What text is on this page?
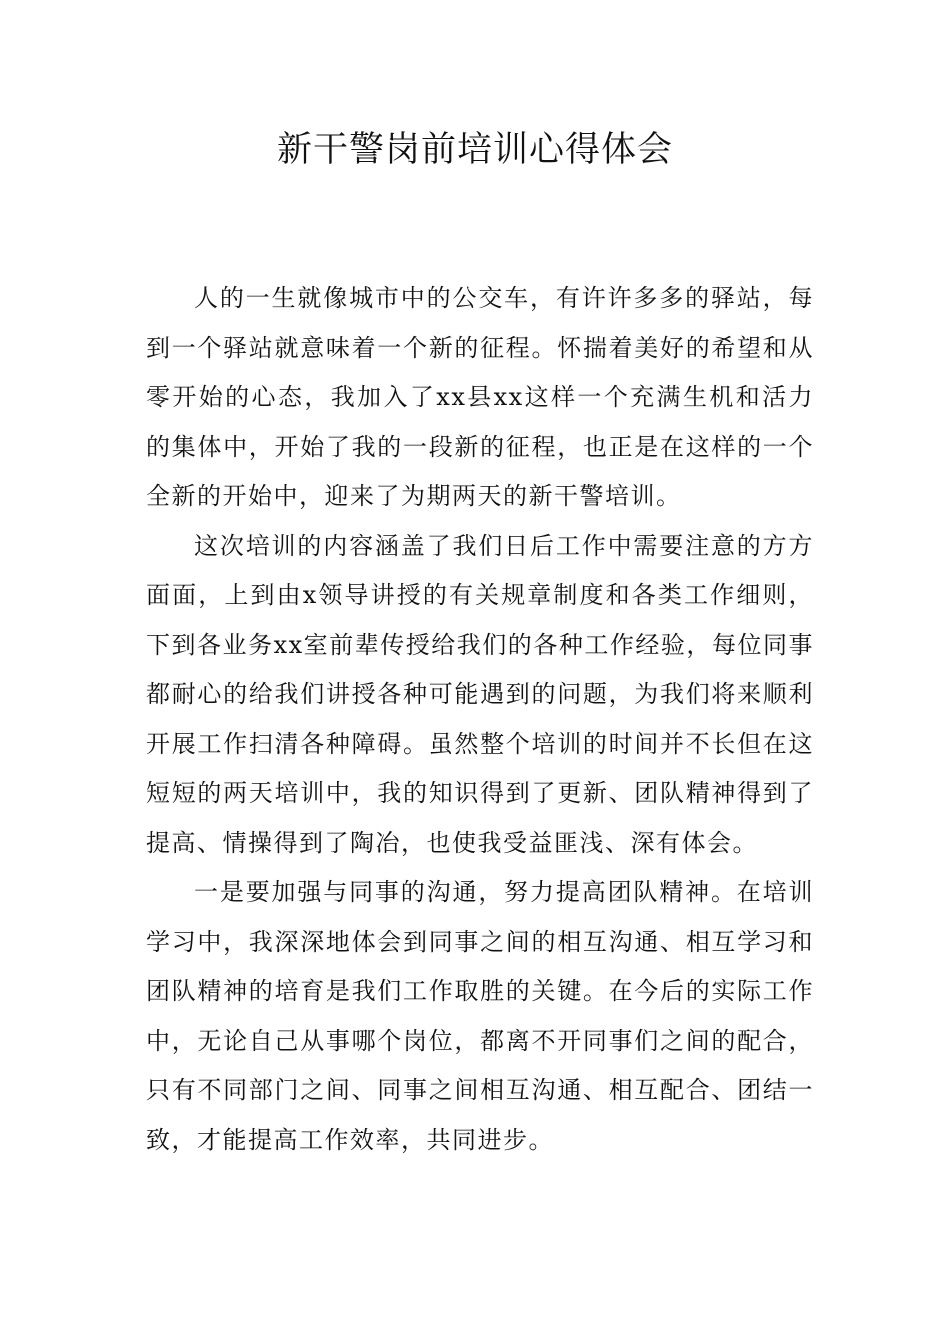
新干警岗前培训心得体会

人的一生就像城市中的公交车，有许许多多的驿站，每到一个驿站就意味着一个新的征程。怀揣着美好的希望和从零开始的心态，我加入了xx县xx这样一个充满生机和活力的集体中，开始了我的一段新的征程，也正是在这样的一个全新的开始中，迎来了为期两天的新干警培训。

这次培训的内容涵盖了我们日后工作中需要注意的方方面面，上到由x领导讲授的有关规章制度和各类工作细则，下到各业务xx室前辈传授给我们的各种工作经验，每位同事都耐心的给我们讲授各种可能遇到的问题，为我们将来顺利开展工作扫清各种障碍。虽然整个培训的时间并不长但在这短短的两天培训中，我的知识得到了更新、团队精神得到了提高、情操得到了陶冶，也使我受益匪浅、深有体会。

一是要加强与同事的沟通，努力提高团队精神。在培训学习中，我深深地体会到同事之间的相互沟通、相互学习和团队精神的培育是我们工作取胜的关键。在今后的实际工作中，无论自己从事哪个岗位，都离不开同事们之间的配合，只有不同部门之间、同事之间相互沟通、相互配合、团结一致，才能提高工作效率，共同进步。
